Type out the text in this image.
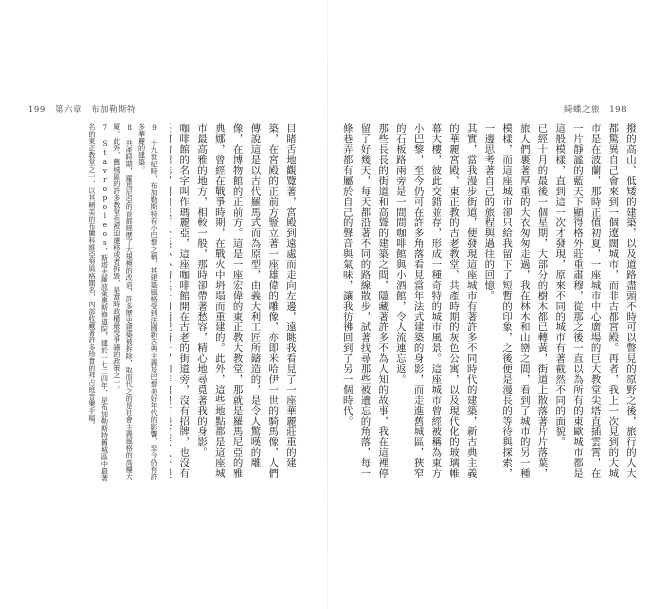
199 第六章 布加勒斯特
目睹舌地觀覽著，宮殿到遠處而走向左邊，遠眺我看見了一座華麗莊重的建築，在宮殿的正前方豎立著一座雄偉的雕像，亦即米哈伊一世的騎馬像，人們傳說這是以古代羅馬式而為原型，由義大利工匠所鑄造的，是令人驚嘆的雕像，在博物館的正前方。這是一座宏偉的東正教大教堂，那就是羅馬尼亞的雅典娜，曾經在戰爭時期，在戰火中坍塌而重建的。此外，這些地點都是這座城市最高雅的地方，相較一般，那時卻帶著愁容，精心地尋覓著我的身影。
咖啡館的名字叫作瑪麗亞，這座咖啡館開在古老的街道旁，沒有招牌，也沒有
9　十九世紀時，布加勒斯特有小巴黎之稱，其建築風格受到法國新古典主義及巴黎美好年代的影響，至今仍有許多華麗的建築。
8　共產時期，羅馬尼亞的首都經歷了大規模的改造，許多歷史建築被拆除，取而代之的是社會主義風格的高樓大廈。此外，舊城區的許多教堂也被迫遷移或者拆毀，是當時政權最受爭議的政策之一。
7　Stavropoleos，斯塔夫羅波萊奧斯修道院，建於一七二四年，是布加勒斯特舊城區中最著名的東正教堂之一，以其精美的布蘭科維亞努風格聞名，內部收藏著許多珍貴的拜占庭音樂手稿。
綺蝶之旅 198
撥的高山、低矮的建築，以及道路盡頭不時可以瞥見的原野之後，旅行的人大都驚異自己會來到一個遼闊城市，而非古都宮殿。再者，我上一次見到的大城市是在波蘭，那時正值初夏，一座城市中心廣場的巨大教堂尖塔直插雲霄，在一片靜謐的藍天下顯得格外莊重肅穆，從那之後一直以為所有的東歐城市都是這般模樣，直到這一次才發現，原來不同的城市有著截然不同的面貌。
已經十月的最後一個星期，大部分的樹木都已轉黃，街道上散落著片片落葉，旅人們裹著厚重的大衣匆匆走過，我在林木和山巒之間，看到了城市的另一種模樣，而這座城市卻只給我留下了短暫的印象，之後便是漫長的等待與探索，一邊思考著自己的旅程與過往的回憶。
其實，當我漫步街道，便發現這座城市有著許多不同時代的建築，新古典主義的華麗宮殿、東正教的古老教堂、共產時期的灰色公寓，以及現代化的玻璃帷幕大樓，彼此交錯並存，形成一種奇特的城市風景。這座城市曾經被稱為東方小巴黎，至今仍可在許多角落看見當年法式建築的身影，而走進舊城區，狹窄的石板路兩旁是一間間咖啡館與小酒館，令人流連忘返。
那些長長的街道和高聳的建築之間，隱藏著許多不為人知的故事，我在這裡停留了好幾天，每天都沿著不同的路線散步，試著找尋那些被遺忘的角落，每一條巷弄都有屬於自己的聲音與氣味，讓我彷彿回到了另一個時代。
